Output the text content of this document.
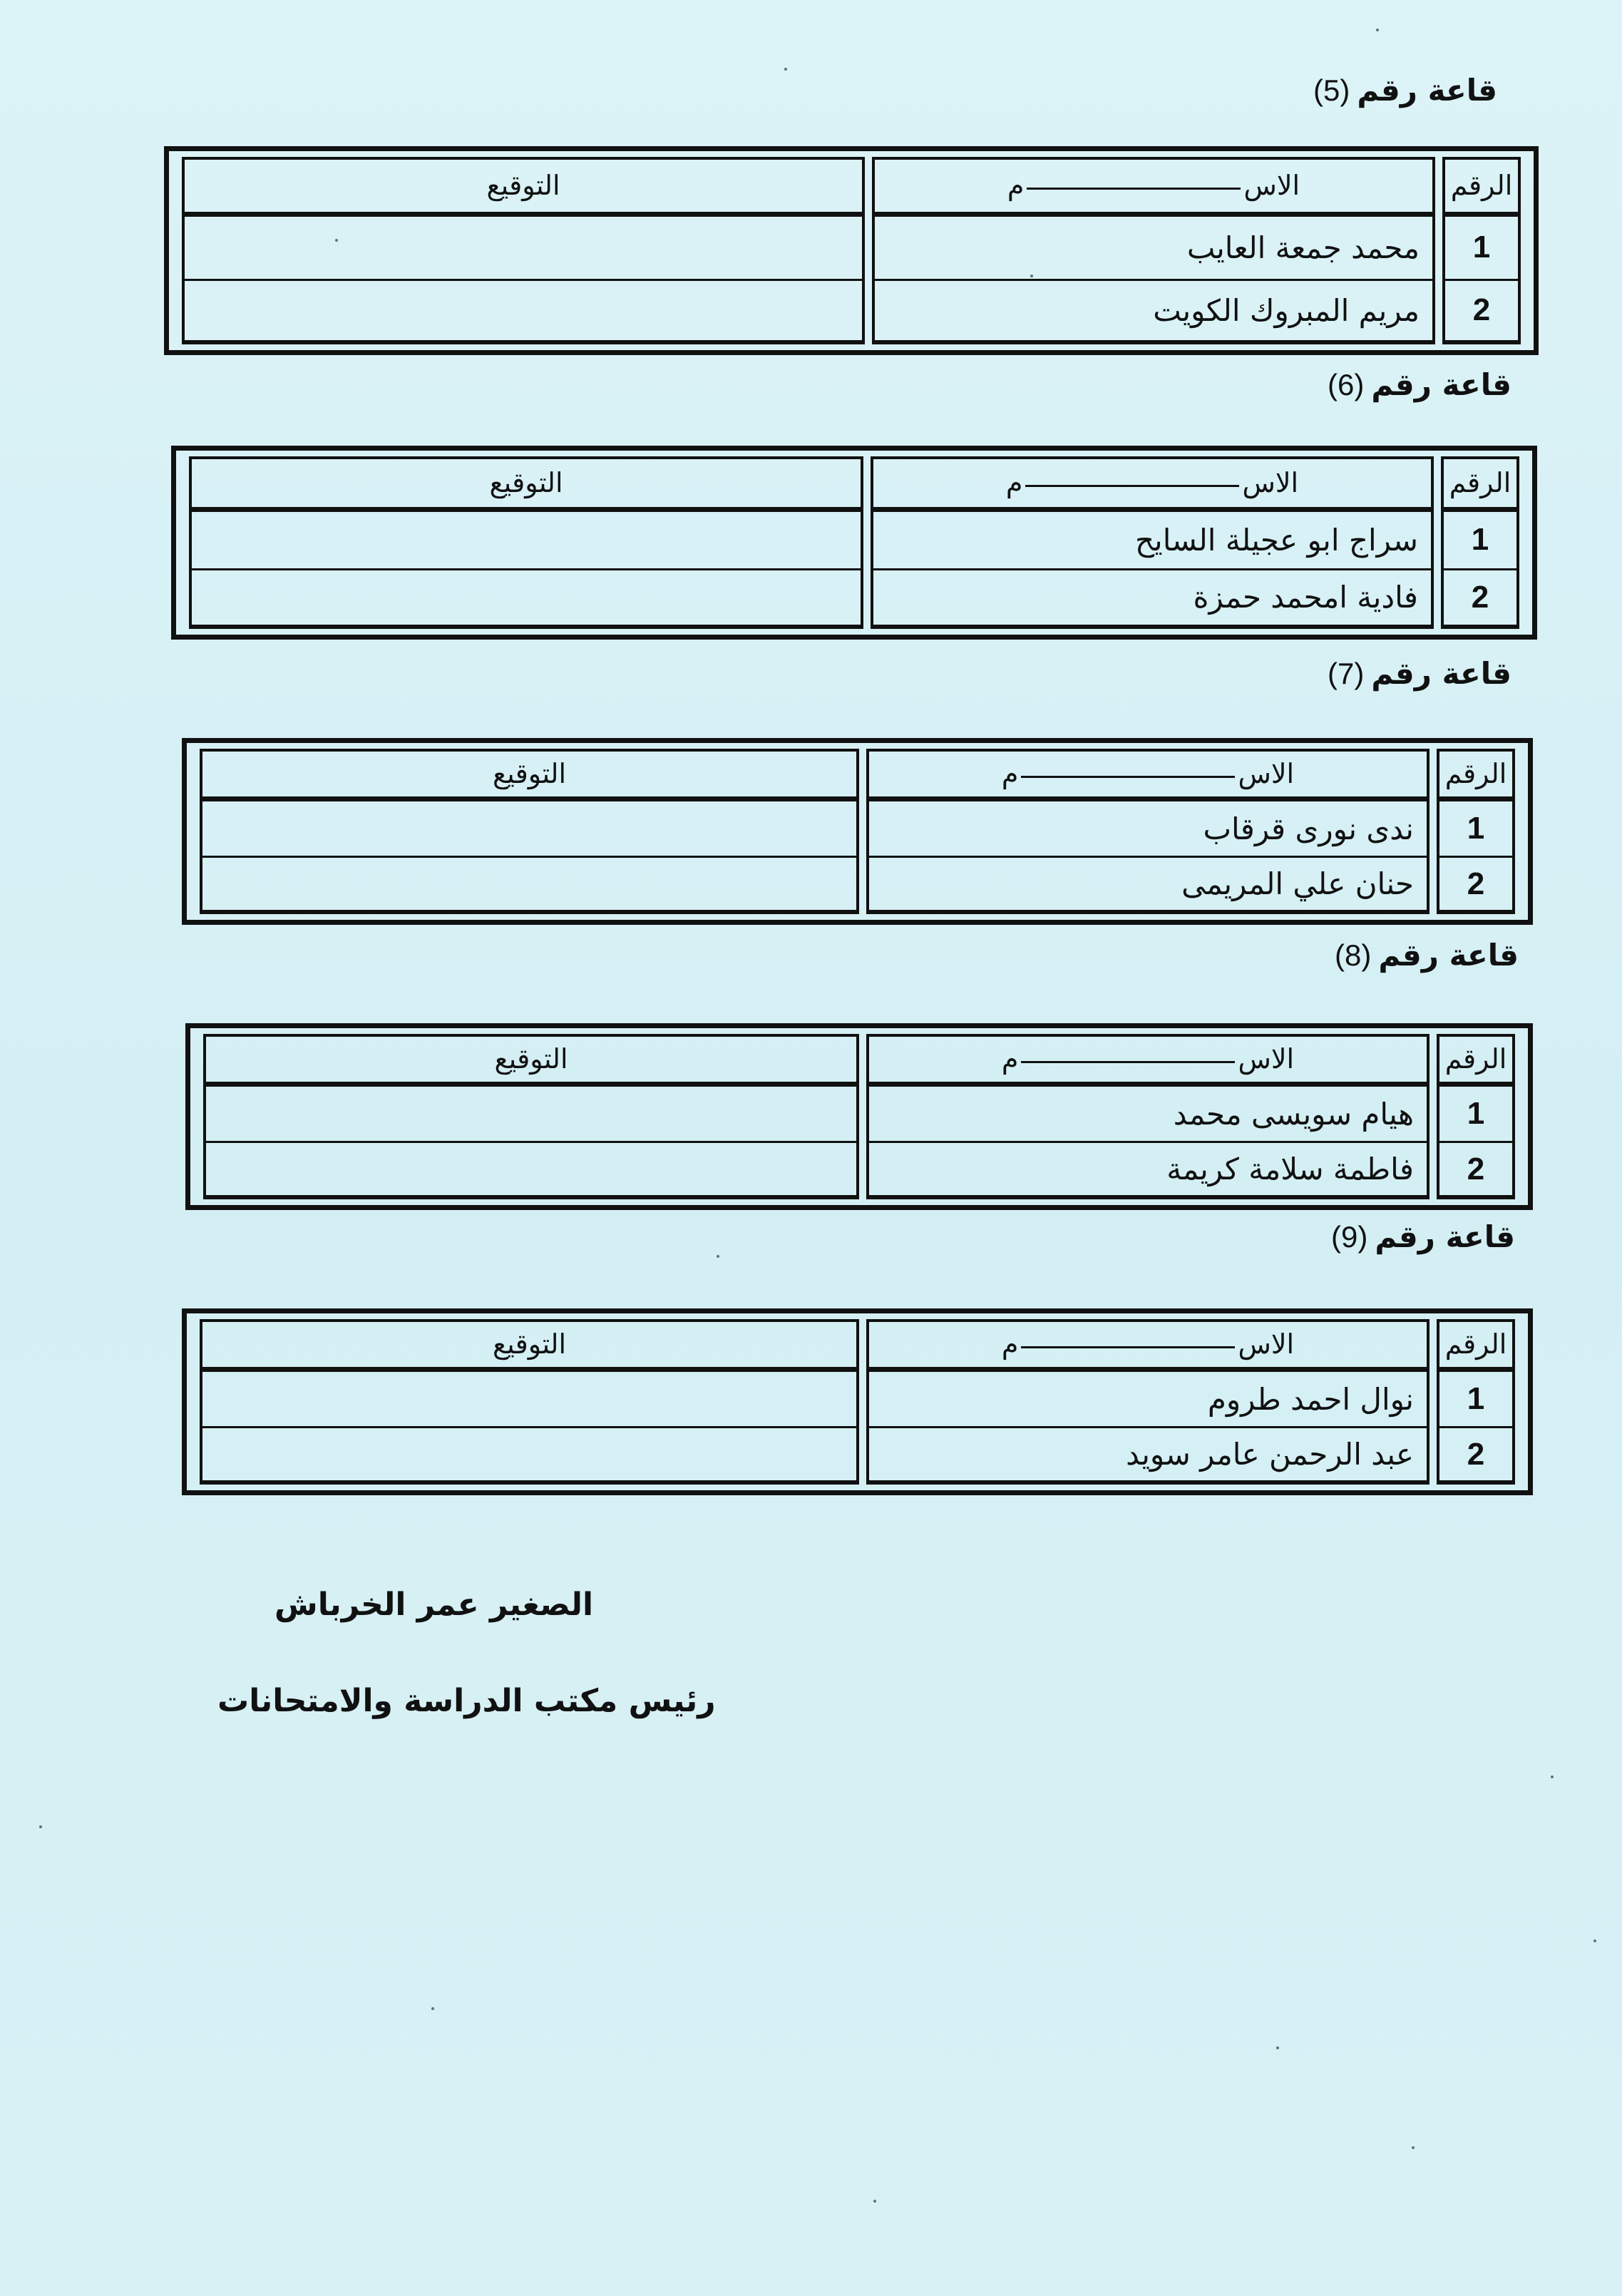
قاعة رقم(5)
الرقم	الاسم	التوقيع
1	محمد جمعة العايب	
2	مريم المبروك الكويت	
قاعة رقم(6)
الرقم	الاسم	التوقيع
1	سراج ابو عجيلة السايح	
2	فادية امحمد حمزة	
قاعة رقم(7)
الرقم	الاسم	التوقيع
1	ندى نورى قرقاب	
2	حنان علي المريمى	
قاعة رقم(8)
الرقم	الاسم	التوقيع
1	هيام سويسى محمد	
2	فاطمة سلامة كريمة	
قاعة رقم(9)
الرقم	الاسم	التوقيع
1	نوال احمد طروم	
2	عبد الرحمن عامر سويد	
الصغير عمر الخرباش
رئيس مكتب الدراسة والامتحانات
